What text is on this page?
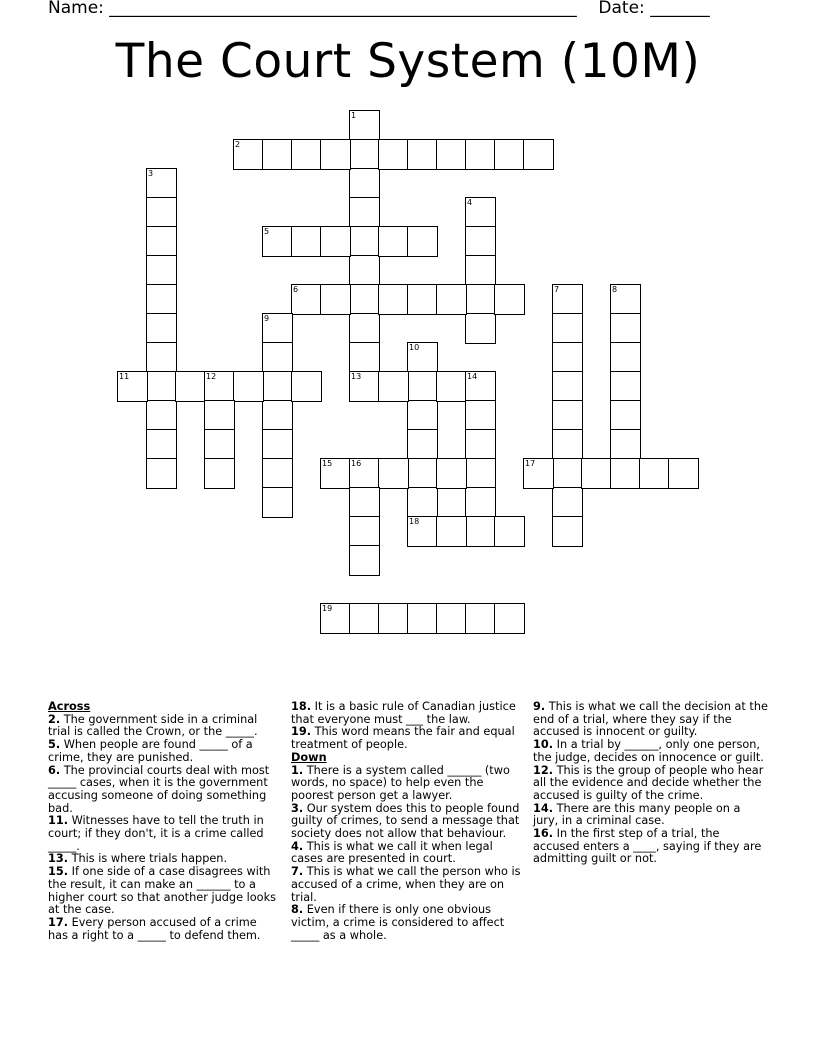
Name: _______________________________________________________ Date: _______
The Court System (10M)
1
2
3
4
5
6	7	8
9
10
11	12	13	14
15 16	17
18
19
Across

2. The government side in a criminal trial is called the Crown, or the _____.

5. When people are found _____ of a crime, they are punished.

6. The provincial courts deal with most _____ cases, when it is the government accusing someone of doing something bad.

11. Witnesses have to tell the truth in court; if they don't, it is a crime called _____.

13. This is where trials happen.

15. If one side of a case disagrees with the result, it can make an ______ to a higher court so that another judge looks at the case.

17. Every person accused of a crime has a right to a _____ to defend them.

18. It is a basic rule of Canadian justice that everyone must ___ the law.

19. This word means the fair and equal treatment of people.

Down

1. There is a system called ______ (two words, no space) to help even the poorest person get a lawyer.

3. Our system does this to people found guilty of crimes, to send a message that society does not allow that behaviour.

4. This is what we call it when legal cases are presented in court.

7. This is what we call the person who is accused of a crime, when they are on trial.

8. Even if there is only one obvious victim, a crime is considered to affect _____ as a whole.

9. This is what we call the decision at the end of a trial, where they say if the accused is innocent or guilty.

10. In a trial by ______, only one person, the judge, decides on innocence or guilt.

12. This is the group of people who hear all the evidence and decide whether the accused is guilty of the crime.

14. There are this many people on a jury, in a criminal case.

16. In the first step of a trial, the accused enters a ____, saying if they are admitting guilt or not.
